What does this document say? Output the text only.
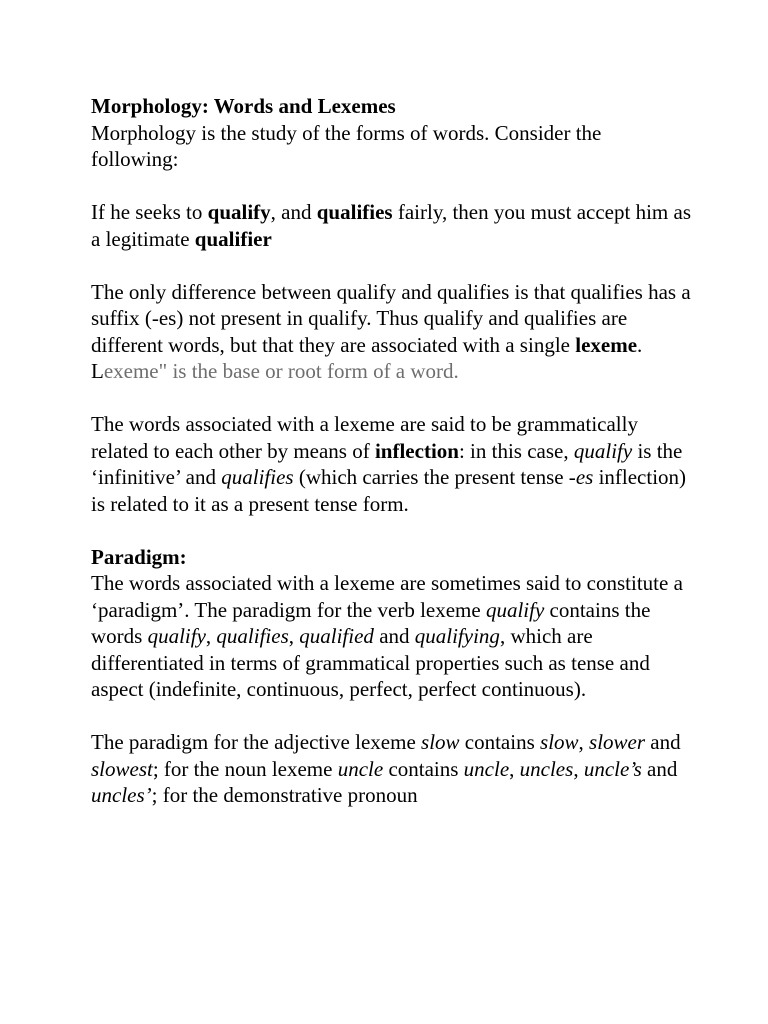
Morphology: Words and Lexemes

Morphology is the study of the forms of words. Consider the following:

If he seeks to qualify, and qualifies fairly, then you must accept him as a legitimate qualifier

The only difference between qualify and qualifies is that qualifies has a suffix (-es) not present in qualify. Thus qualify and qualifies are different words, but that they are associated with a single lexeme. Lexeme" is the base or root form of a word.

The words associated with a lexeme are said to be grammatically related to each other by means of inflection: in this case, qualify is the ‘infinitive’ and qualifies (which carries the present tense -es inflection) is related to it as a present tense form.

Paradigm:

The words associated with a lexeme are sometimes said to constitute a ‘paradigm’. The paradigm for the verb lexeme qualify contains the words qualify, qualifies, qualified and qualifying, which are differentiated in terms of grammatical properties such as tense and aspect (indefinite, continuous, perfect, perfect continuous).

The paradigm for the adjective lexeme slow contains slow, slower and slowest; for the noun lexeme uncle contains uncle, uncles, uncle’s and uncles’; for the demonstrative pronoun
